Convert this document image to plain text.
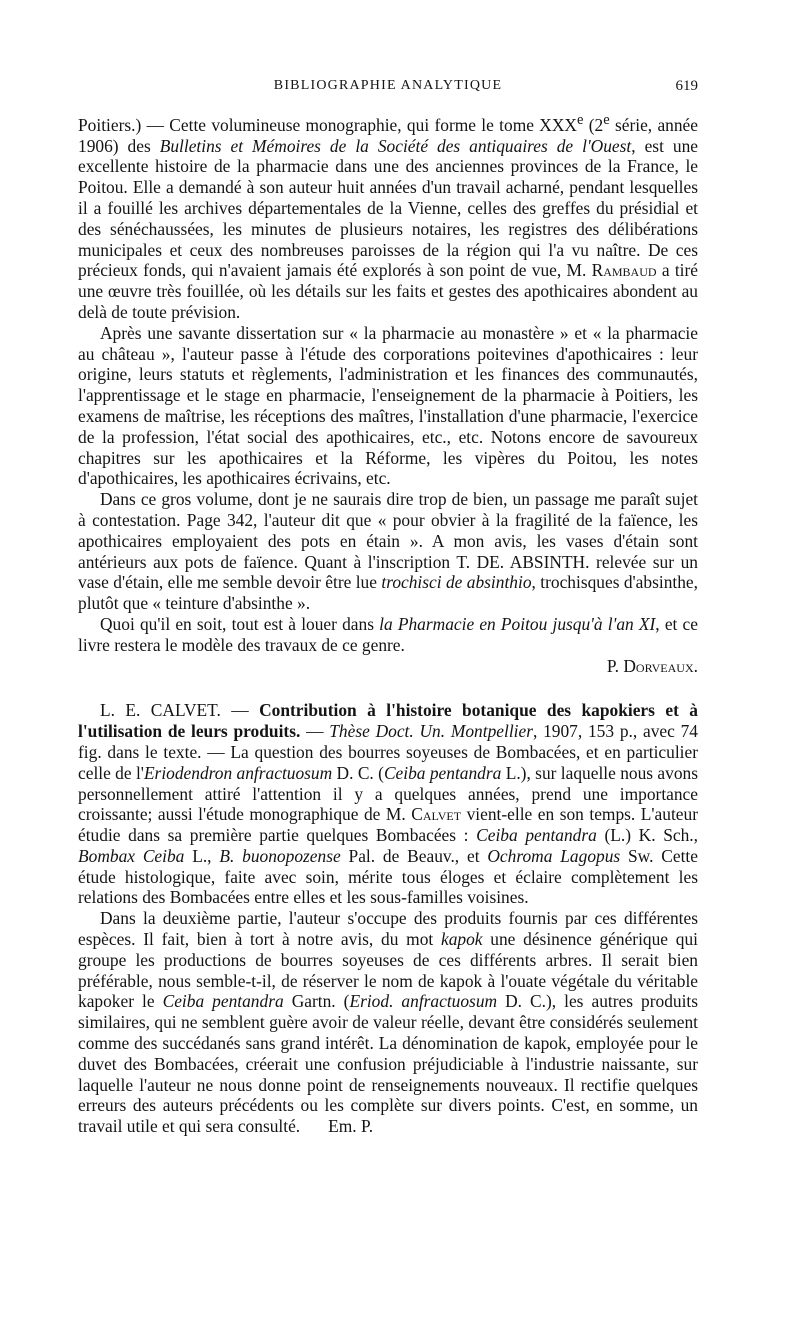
BIBLIOGRAPHIE ANALYTIQUE	619

Poitiers.) — Cette volumineuse monographie, qui forme le tome XXXe (2e série, année 1906) des Bulletins et Mémoires de la Société des antiquaires de l'Ouest, est une excellente histoire de la pharmacie dans une des anciennes provinces de la France, le Poitou. Elle a demandé à son auteur huit années d'un travail acharné, pendant lesquelles il a fouillé les archives départementales de la Vienne, celles des greffes du présidial et des sénéchaussées, les minutes de plusieurs notaires, les registres des délibérations municipales et ceux des nombreuses paroisses de la région qui l'a vu naître. De ces précieux fonds, qui n'avaient jamais été explorés à son point de vue, M. Rambaud a tiré une œuvre très fouillée, où les détails sur les faits et gestes des apothicaires abondent au delà de toute prévision.

Après une savante dissertation sur « la pharmacie au monastère » et « la pharmacie au château », l'auteur passe à l'étude des corporations poitevines d'apothicaires : leur origine, leurs statuts et règlements, l'administration et les finances des communautés, l'apprentissage et le stage en pharmacie, l'enseignement de la pharmacie à Poitiers, les examens de maîtrise, les réceptions des maîtres, l'installation d'une pharmacie, l'exercice de la profession, l'état social des apothicaires, etc., etc. Notons encore de savoureux chapitres sur les apothicaires et la Réforme, les vipères du Poitou, les notes d'apothicaires, les apothicaires écrivains, etc.

Dans ce gros volume, dont je ne saurais dire trop de bien, un passage me paraît sujet à contestation. Page 342, l'auteur dit que « pour obvier à la fragilité de la faïence, les apothicaires employaient des pots en étain ». A mon avis, les vases d'étain sont antérieurs aux pots de faïence. Quant à l'inscription T. DE. ABSINTH. relevée sur un vase d'étain, elle me semble devoir être lue trochisci de absinthio, trochisques d'absinthe, plutôt que « teinture d'absinthe ».

Quoi qu'il en soit, tout est à louer dans la Pharmacie en Poitou jusqu'à l'an XI, et ce livre restera le modèle des travaux de ce genre.

P. Dorveaux.

L. E. CALVET. — Contribution à l'histoire botanique des kapokiers et à l'utilisation de leurs produits. — Thèse Doct. Un. Montpellier, 1907, 153 p., avec 74 fig. dans le texte. — La question des bourres soyeuses de Bombacées, et en particulier celle de l'Eriodendron anfractuosum D. C. (Ceiba pentandra L.), sur laquelle nous avons personnellement attiré l'attention il y a quelques années, prend une importance croissante; aussi l'étude monographique de M. Calvet vient-elle en son temps. L'auteur étudie dans sa première partie quelques Bombacées : Ceiba pentandra (L.) K. Sch., Bombax Ceiba L., B. buonopozense Pal. de Beauv., et Ochroma Lagopus Sw. Cette étude histologique, faite avec soin, mérite tous éloges et éclaire complètement les relations des Bombacées entre elles et les sous-familles voisines.

Dans la deuxième partie, l'auteur s'occupe des produits fournis par ces différentes espèces. Il fait, bien à tort à notre avis, du mot kapok une désinence générique qui groupe les productions de bourres soyeuses de ces différents arbres. Il serait bien préférable, nous semble-t-il, de réserver le nom de kapok à l'ouate végétale du véritable kapoker le Ceiba pentandra Gartn. (Eriod. anfractuosum D. C.), les autres produits similaires, qui ne semblent guère avoir de valeur réelle, devant être considérés seulement comme des succédanés sans grand intérêt. La dénomination de kapok, employée pour le duvet des Bombacées, créerait une confusion préjudiciable à l'industrie naissante, sur laquelle l'auteur ne nous donne point de renseignements nouveaux. Il rectifie quelques erreurs des auteurs précédents ou les complète sur divers points. C'est, en somme, un travail utile et qui sera consulté. Em. P.
